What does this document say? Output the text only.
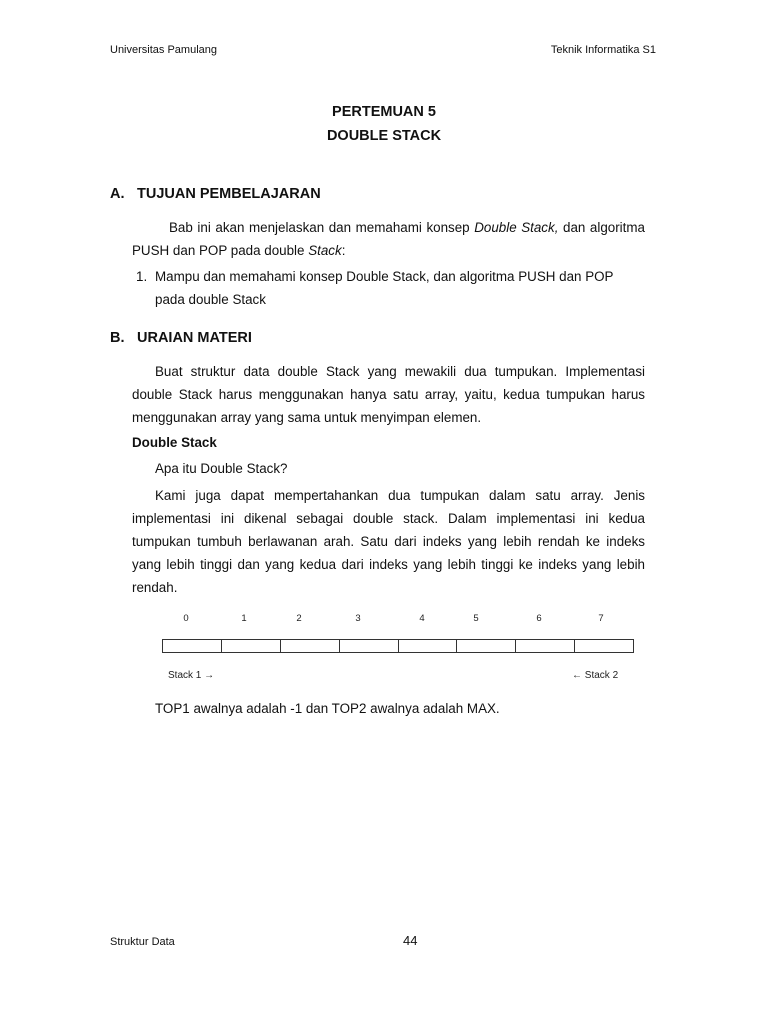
Universitas Pamulang	Teknik Informatika S1
PERTEMUAN 5
DOUBLE STACK
A. TUJUAN PEMBELAJARAN

Bab ini akan menjelaskan dan memahami konsep Double Stack, dan algoritma PUSH dan POP pada double Stack:

1. Mampu dan memahami konsep Double Stack, dan algoritma PUSH dan POP pada double Stack
B. URAIAN MATERI

Buat struktur data double Stack yang mewakili dua tumpukan. Implementasi double Stack harus menggunakan hanya satu array, yaitu, kedua tumpukan harus menggunakan array yang sama untuk menyimpan elemen.

Double Stack
Apa itu Double Stack?

Kami juga dapat mempertahankan dua tumpukan dalam satu array. Jenis implementasi ini dikenal sebagai double stack. Dalam implementasi ini kedua tumpukan tumbuh berlawanan arah. Satu dari indeks yang lebih rendah ke indeks yang lebih tinggi dan yang kedua dari indeks yang lebih tinggi ke indeks yang lebih rendah.

0	1	2	3	4	5	6	7
Stack 1 →	← Stack 2
TOP1 awalnya adalah -1 dan TOP2 awalnya adalah MAX.
Struktur Data	44
